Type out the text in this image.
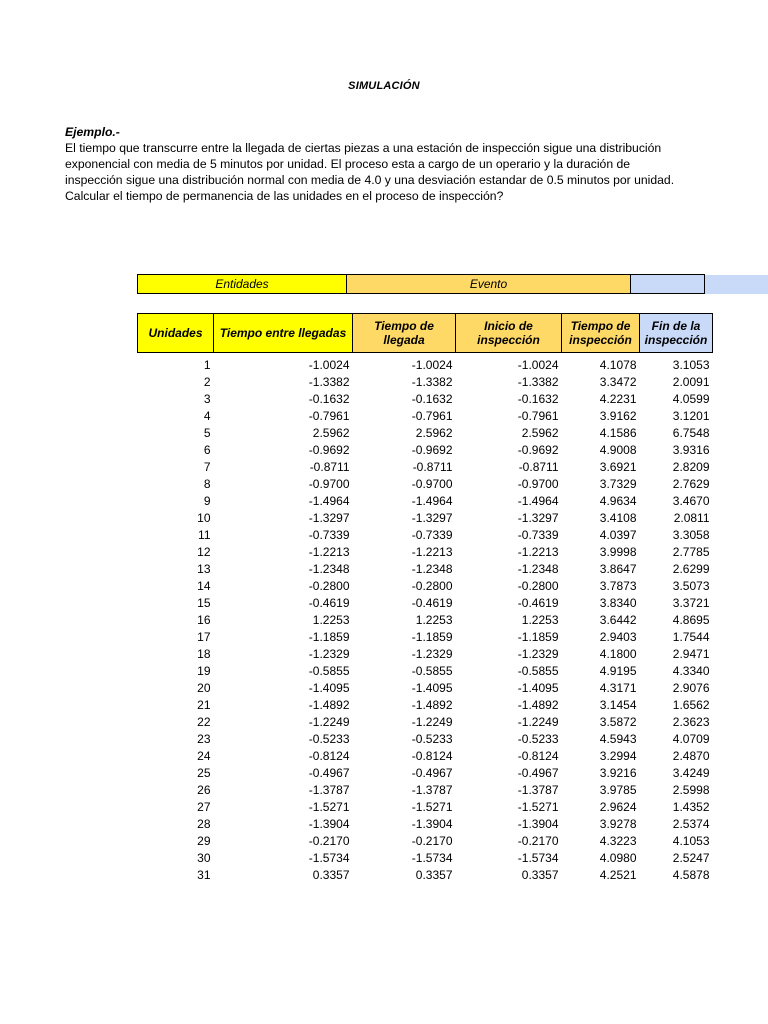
SIMULACIÓN
Ejemplo.-
El tiempo que transcurre entre la llegada de ciertas piezas a una estación de inspección sigue una distribución
exponencial con media de 5 minutos por unidad. El proceso esta a cargo de un operario y la duración de
inspección sigue una distribución normal con media de 4.0 y una desviación estandar de 0.5 minutos por unidad.
Calcular el tiempo de permanencia de las unidades en el proceso de inspección?
Entidades	Evento
Unidades	Tiempo entre llegadas	Tiempo de llegada	Inicio de inspección	Tiempo de inspección	Fin de la inspección
1	-1.0024	-1.0024	-1.0024	4.1078	3.1053
2	-1.3382	-1.3382	-1.3382	3.3472	2.0091
3	-0.1632	-0.1632	-0.1632	4.2231	4.0599
4	-0.7961	-0.7961	-0.7961	3.9162	3.1201
5	2.5962	2.5962	2.5962	4.1586	6.7548
6	-0.9692	-0.9692	-0.9692	4.9008	3.9316
7	-0.8711	-0.8711	-0.8711	3.6921	2.8209
8	-0.9700	-0.9700	-0.9700	3.7329	2.7629
9	-1.4964	-1.4964	-1.4964	4.9634	3.4670
10	-1.3297	-1.3297	-1.3297	3.4108	2.0811
11	-0.7339	-0.7339	-0.7339	4.0397	3.3058
12	-1.2213	-1.2213	-1.2213	3.9998	2.7785
13	-1.2348	-1.2348	-1.2348	3.8647	2.6299
14	-0.2800	-0.2800	-0.2800	3.7873	3.5073
15	-0.4619	-0.4619	-0.4619	3.8340	3.3721
16	1.2253	1.2253	1.2253	3.6442	4.8695
17	-1.1859	-1.1859	-1.1859	2.9403	1.7544
18	-1.2329	-1.2329	-1.2329	4.1800	2.9471
19	-0.5855	-0.5855	-0.5855	4.9195	4.3340
20	-1.4095	-1.4095	-1.4095	4.3171	2.9076
21	-1.4892	-1.4892	-1.4892	3.1454	1.6562
22	-1.2249	-1.2249	-1.2249	3.5872	2.3623
23	-0.5233	-0.5233	-0.5233	4.5943	4.0709
24	-0.8124	-0.8124	-0.8124	3.2994	2.4870
25	-0.4967	-0.4967	-0.4967	3.9216	3.4249
26	-1.3787	-1.3787	-1.3787	3.9785	2.5998
27	-1.5271	-1.5271	-1.5271	2.9624	1.4352
28	-1.3904	-1.3904	-1.3904	3.9278	2.5374
29	-0.2170	-0.2170	-0.2170	4.3223	4.1053
30	-1.5734	-1.5734	-1.5734	4.0980	2.5247
31	0.3357	0.3357	0.3357	4.2521	4.5878
